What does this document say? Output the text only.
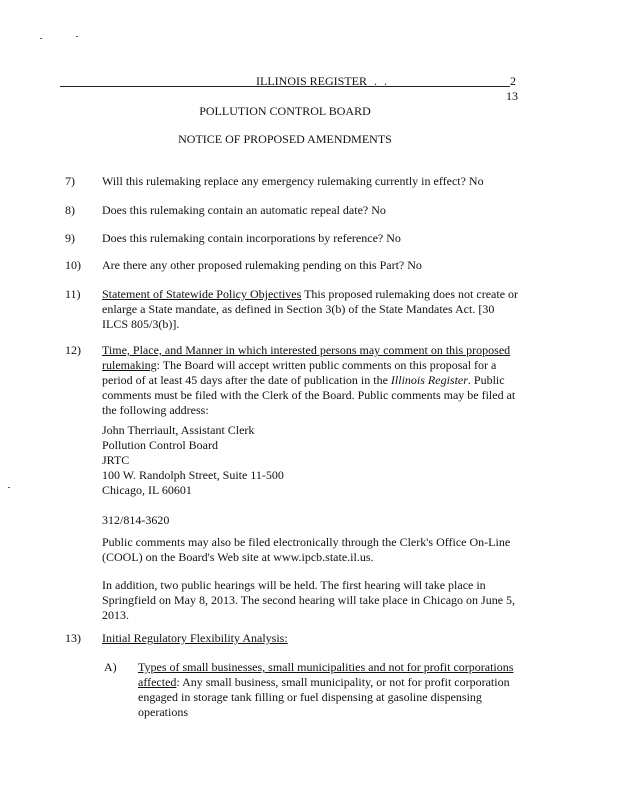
ILLINOIS REGISTER
. . .	2
13
POLLUTION CONTROL BOARD
NOTICE OF PROPOSED AMENDMENTS
7) Will this rulemaking replace any emergency rulemaking currently in effect? No
8) Does this rulemaking contain an automatic repeal date? No
9) Does this rulemaking contain incorporations by reference? No
10) Are there any other proposed rulemaking pending on this Part? No
11) Statement of Statewide Policy Objectives This proposed rulemaking does not create or enlarge a State mandate, as defined in Section 3(b) of the State Mandates Act. [30 ILCS 805/3(b)].
12) Time, Place, and Manner in which interested persons may comment on this proposed rulemaking: The Board will accept written public comments on this proposal for a period of at least 45 days after the date of publication in the Illinois Register. Public comments must be filed with the Clerk of the Board. Public comments may be filed at the following address:
John Therriault, Assistant Clerk
Pollution Control Board
JRTC
100 W. Randolph Street, Suite 11-500
Chicago, IL 60601
312/814-3620
Public comments may also be filed electronically through the Clerk's Office On-Line (COOL) on the Board's Web site at www.ipcb.state.il.us.
In addition, two public hearings will be held. The first hearing will take place in Springfield on May 8, 2013. The second hearing will take place in Chicago on June 5, 2013.
13) Initial Regulatory Flexibility Analysis:
A) Types of small businesses, small municipalities and not for profit corporations affected: Any small business, small municipality, or not for profit corporation engaged in storage tank filling or fuel dispensing at gasoline dispensing operations
